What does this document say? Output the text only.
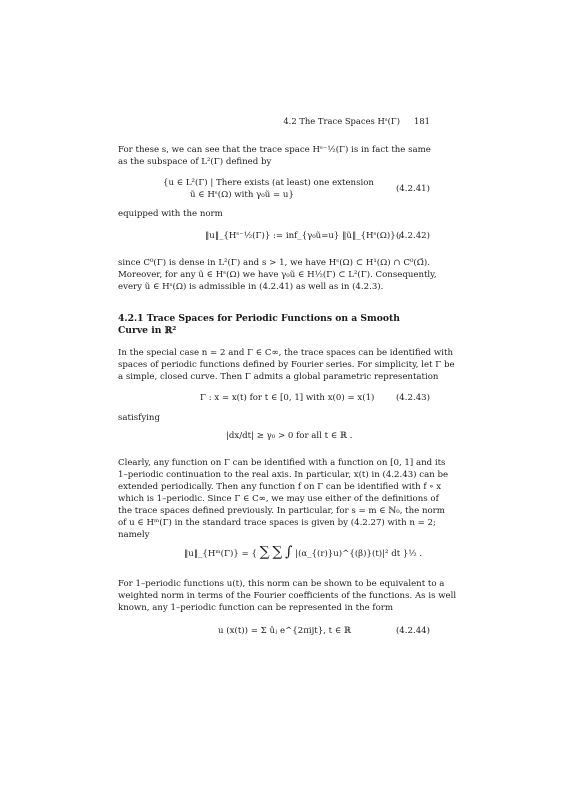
4.2 The Trace Spaces Hˢ(Γ) 181
For these s, we can see that the trace space Hˢ⁻½(Γ) is in fact the same
as the subspace of L²(Γ) defined by
{u ∈ L²(Γ) | There exists (at least) one extension
ũ ∈ Hˢ(Ω) with γ₀ũ = u}
(4.2.41)
equipped with the norm
‖u‖_{Hˢ⁻½(Γ)} := inf_{γ₀ũ=u} ‖ũ‖_{Hˢ(Ω)} ;
(4.2.42)
since C⁰(Γ) is dense in L²(Γ) and s > 1, we have Hˢ(Ω) ⊂ H¹(Ω) ∩ C⁰(Ω̄).
Moreover, for any ũ ∈ Hˢ(Ω) we have γ₀ũ ∈ H½(Γ) ⊂ L²(Γ). Consequently,
every ũ ∈ Hˢ(Ω) is admissible in (4.2.41) as well as in (4.2.3).
4.2.1 Trace Spaces for Periodic Functions on a Smooth
Curve in ℝ²
In the special case n = 2 and Γ ∈ C∞, the trace spaces can be identified with
spaces of periodic functions defined by Fourier series. For simplicity, let Γ be
a simple, closed curve. Then Γ admits a global parametric representation
Γ : x = x(t) for t ∈ [0, 1] with x(0) = x(1)	(4.2.43)
satisfying
|dx/dt| ≥ γ₀ > 0 for all t ∈ ℝ .
Clearly, any function on Γ can be identified with a function on [0, 1] and its
1–periodic continuation to the real axis. In particular, x(t) in (4.2.43) can be
extended periodically. Then any function f on Γ can be identified with f ∘ x
which is 1–periodic. Since Γ ∈ C∞, we may use either of the definitions of
the trace spaces defined previously. In particular, for s = m ∈ ℕ₀, the norm
of u ∈ Hᵐ(Γ) in the standard trace spaces is given by (4.2.27) with n = 2;
namely
‖u‖_{Hᵐ(Γ)} = { ∑ ∑ ∫ |(α_{(r)}u)^{(β)}(t)|² dt }½ .
For 1–periodic functions u(t), this norm can be shown to be equivalent to a
weighted norm in terms of the Fourier coefficients of the functions. As is well
known, any 1–periodic function can be represented in the form
u (x(t)) = Σ ûⱼ e^{2πijt}, t ∈ ℝ	(4.2.44)
